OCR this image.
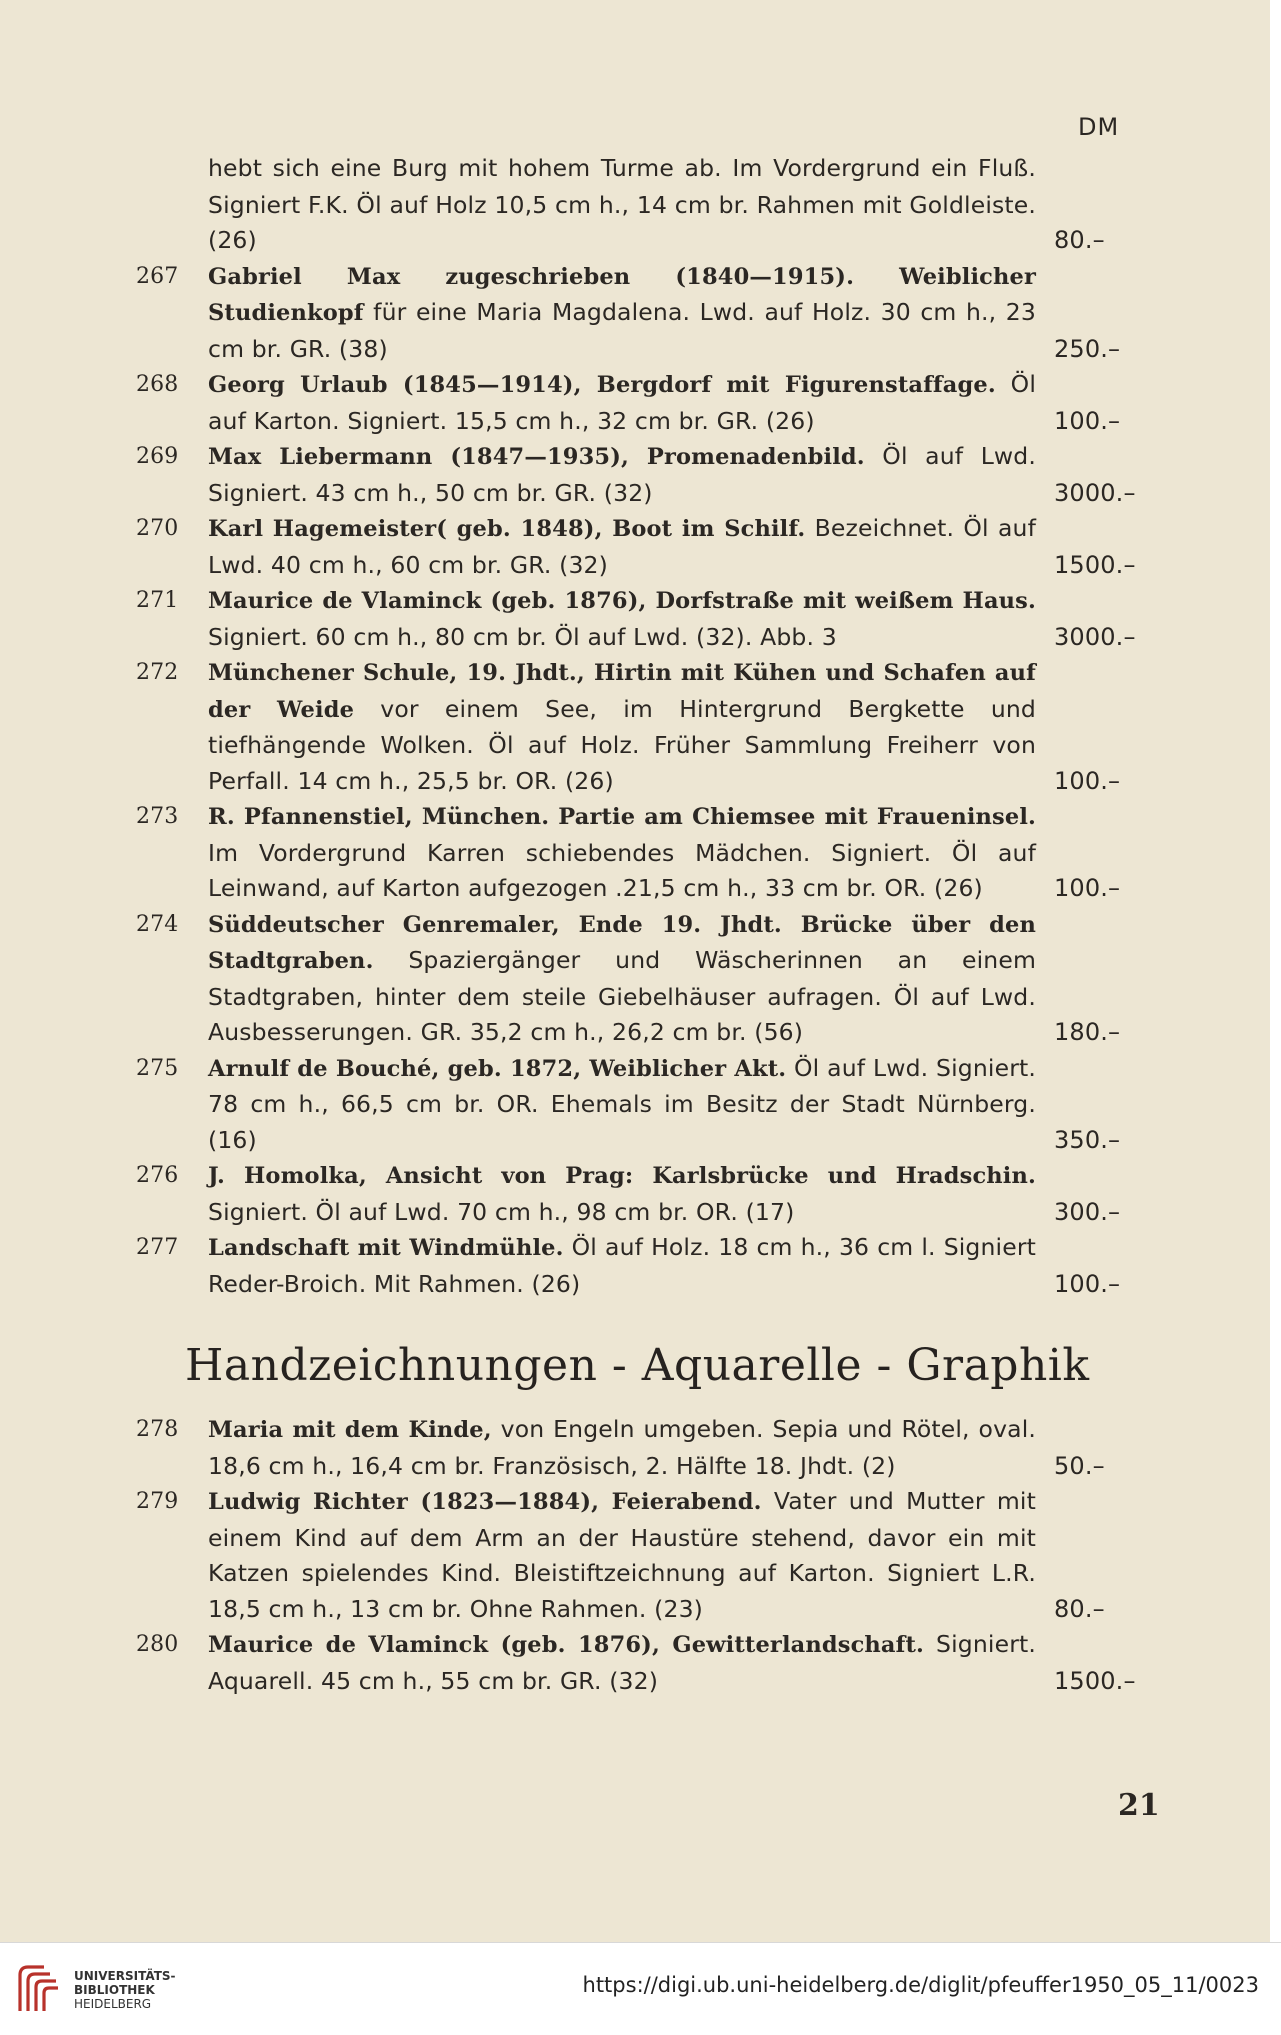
DM
hebt sich eine Burg mit hohem Turme ab. Im Vordergrund ein Fluß. Signiert F.K. Öl auf Holz 10,5 cm h., 14 cm br. Rahmen mit Goldleiste. (26)	80.–
267 Gabriel Max zugeschrieben (1840—1915). Weiblicher Studienkopf für eine Maria Magdalena. Lwd. auf Holz. 30 cm h., 23 cm br. GR. (38)	250.–
268 Georg Urlaub (1845—1914), Bergdorf mit Figurenstaffage. Öl auf Karton. Signiert. 15,5 cm h., 32 cm br. GR. (26)	100.–
269 Max Liebermann (1847—1935), Promenadenbild. Öl auf Lwd. Signiert. 43 cm h., 50 cm br. GR. (32)	3000.–
270 Karl Hagemeister( geb. 1848), Boot im Schilf. Bezeichnet. Öl auf Lwd. 40 cm h., 60 cm br. GR. (32)	1500.–
271 Maurice de Vlaminck (geb. 1876), Dorfstraße mit weißem Haus. Signiert. 60 cm h., 80 cm br. Öl auf Lwd. (32). Abb. 3	3000.–
272 Münchener Schule, 19. Jhdt., Hirtin mit Kühen und Schafen auf der Weide vor einem See, im Hintergrund Bergkette und tiefhängende Wolken. Öl auf Holz. Früher Sammlung Freiherr von Perfall. 14 cm h., 25,5 br. OR. (26)	100.–
273 R. Pfannenstiel, München. Partie am Chiemsee mit Fraueninsel. Im Vordergrund Karren schiebendes Mädchen. Signiert. Öl auf Leinwand, auf Karton aufgezogen .21,5 cm h., 33 cm br. OR. (26)	100.–
274 Süddeutscher Genremaler, Ende 19. Jhdt. Brücke über den Stadtgraben. Spaziergänger und Wäscherinnen an einem Stadtgraben, hinter dem steile Giebelhäuser aufragen. Öl auf Lwd. Ausbesserungen. GR. 35,2 cm h., 26,2 cm br. (56)	180.–
275 Arnulf de Bouché, geb. 1872, Weiblicher Akt. Öl auf Lwd. Signiert. 78 cm h., 66,5 cm br. OR. Ehemals im Besitz der Stadt Nürnberg. (16)	350.–
276 J. Homolka, Ansicht von Prag: Karlsbrücke und Hradschin. Signiert. Öl auf Lwd. 70 cm h., 98 cm br. OR. (17)	300.–
277 Landschaft mit Windmühle. Öl auf Holz. 18 cm h., 36 cm l. Signiert Reder-Broich. Mit Rahmen. (26)	100.–
Handzeichnungen - Aquarelle - Graphik
278 Maria mit dem Kinde, von Engeln umgeben. Sepia und Rötel, oval. 18,6 cm h., 16,4 cm br. Französisch, 2. Hälfte 18. Jhdt. (2)	50.–
279 Ludwig Richter (1823—1884), Feierabend. Vater und Mutter mit einem Kind auf dem Arm an der Haustüre stehend, davor ein mit Katzen spielendes Kind. Bleistiftzeichnung auf Karton. Signiert L.R. 18,5 cm h., 13 cm br. Ohne Rahmen. (23)	80.–
280 Maurice de Vlaminck (geb. 1876), Gewitterlandschaft. Signiert. Aquarell. 45 cm h., 55 cm br. GR. (32)	1500.–
21
UNIVERSITÄTS-
BIBLIOTHEK
HEIDELBERG
https://digi.ub.uni-heidelberg.de/diglit/pfeuffer1950_05_11/0023
